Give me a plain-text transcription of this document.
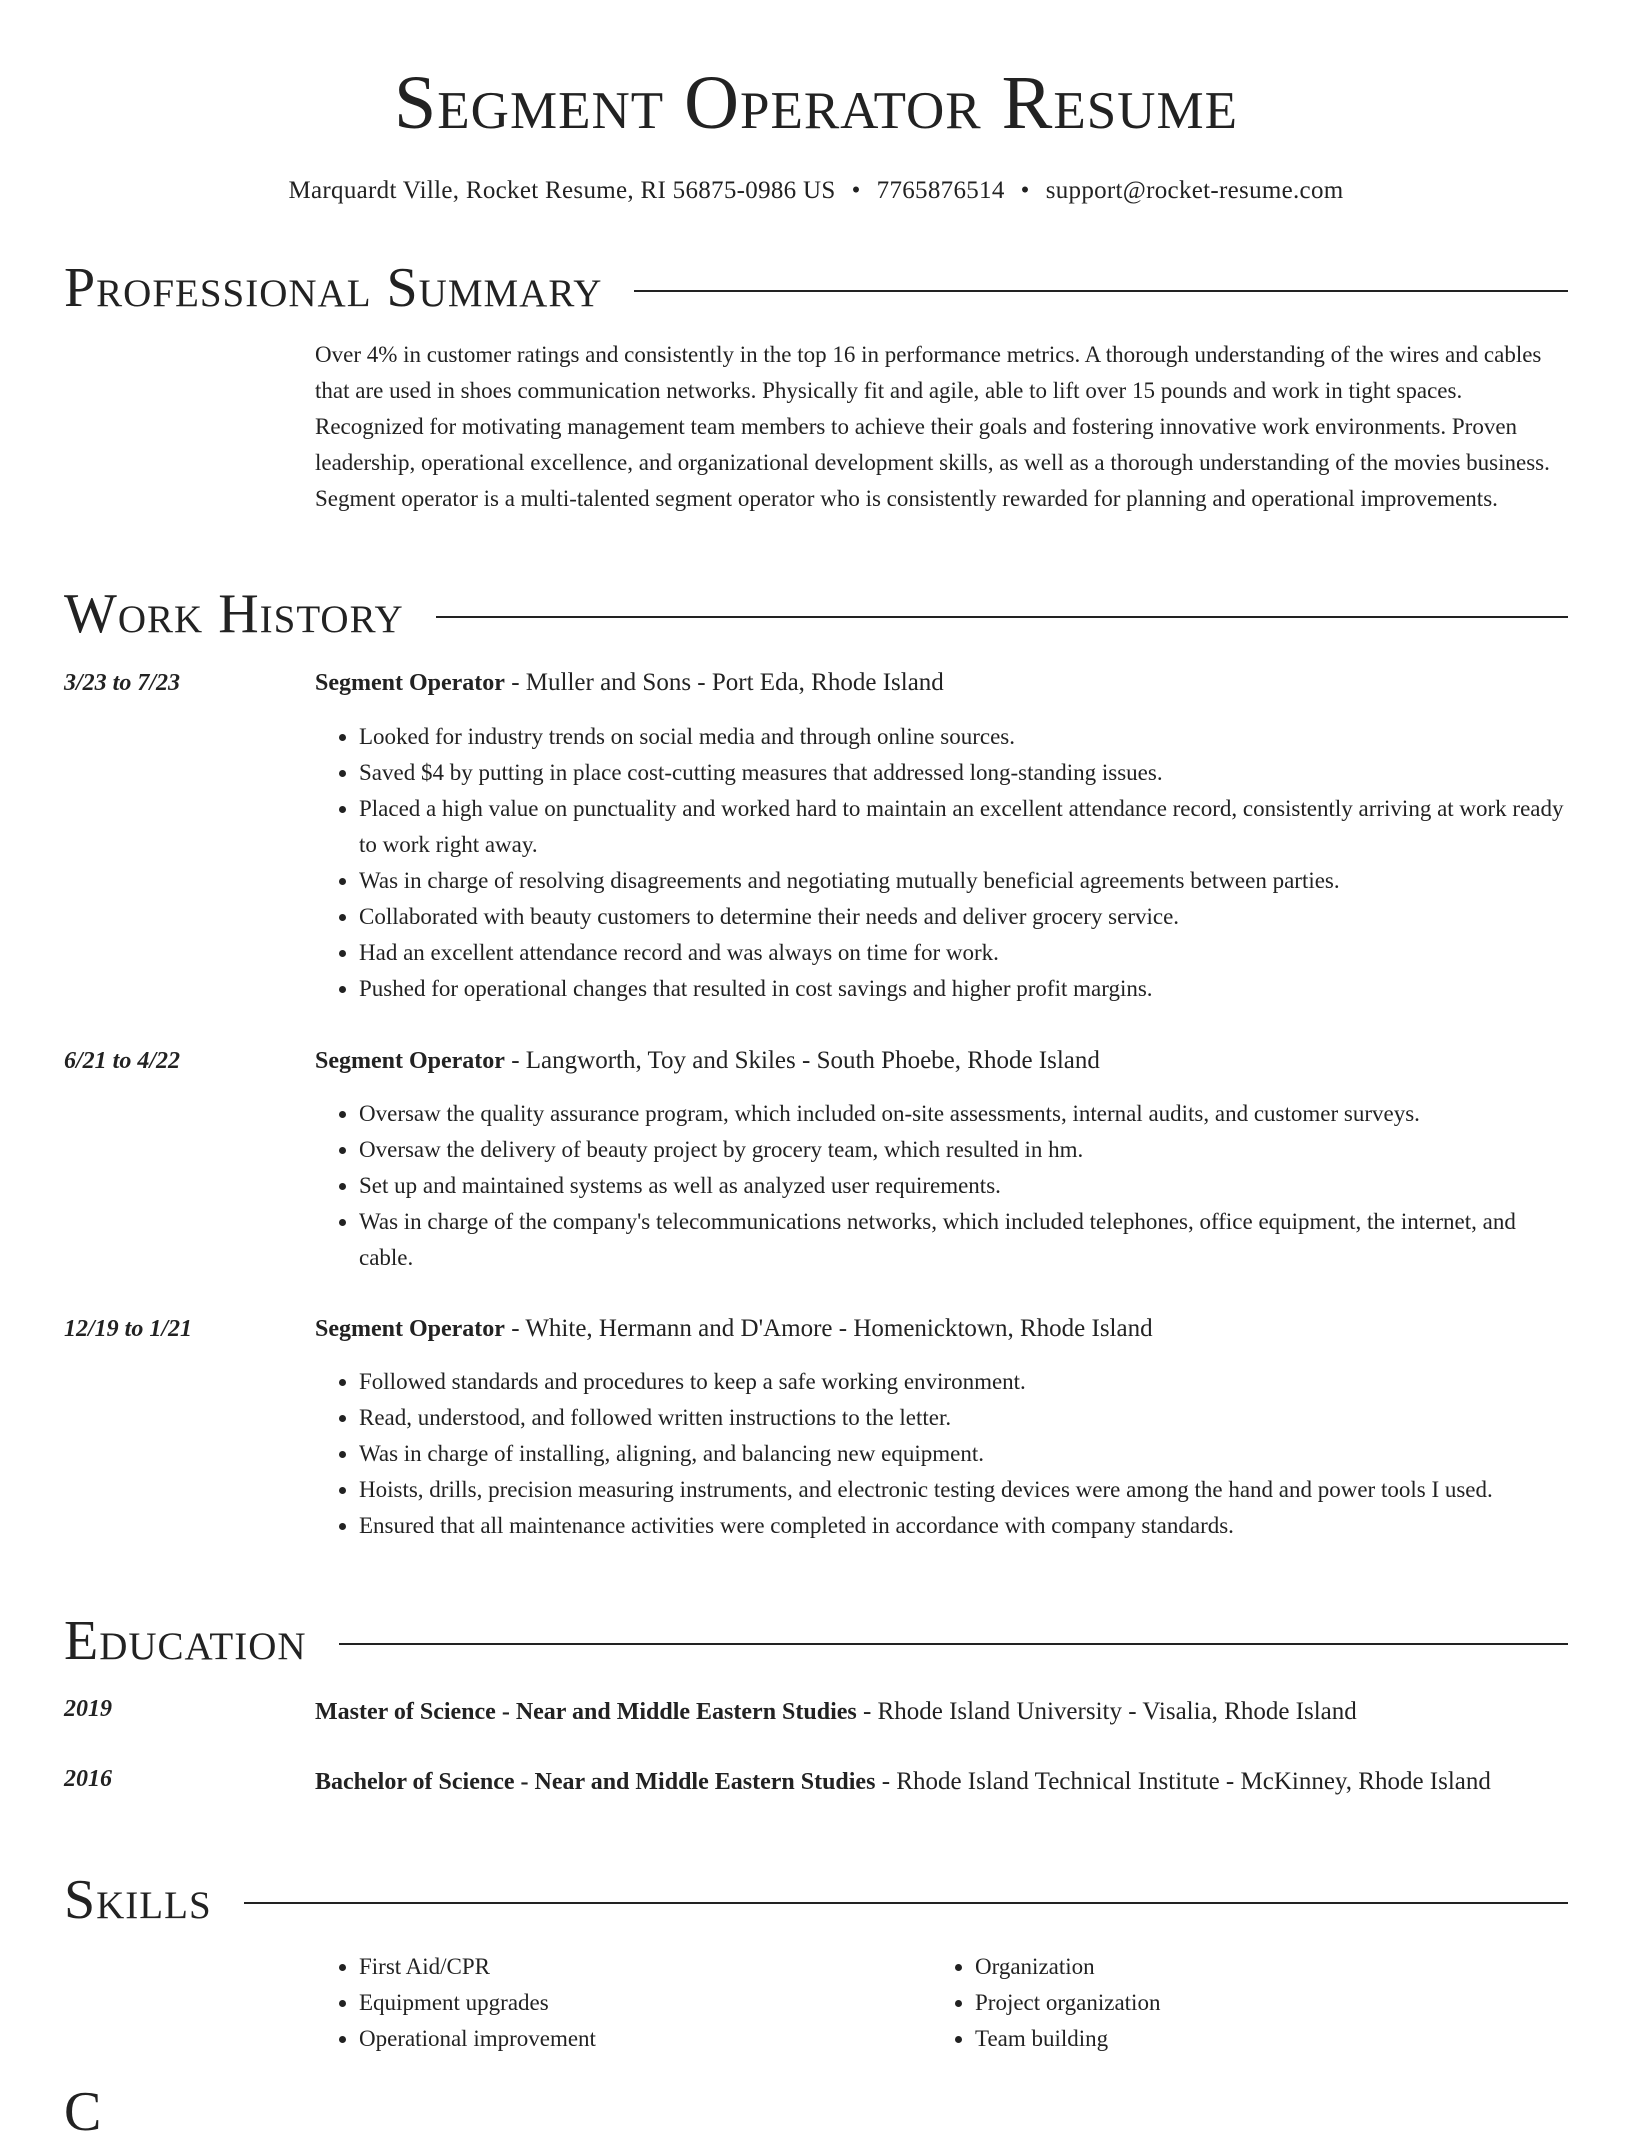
Segment Operator Resume
Marquardt Ville, Rocket Resume, RI 56875-0986 US • 7765876514 • support@rocket-resume.com
Professional Summary

Over 4% in customer ratings and consistently in the top 16 in performance metrics. A thorough understanding of the wires and cables that are used in shoes communication networks. Physically fit and agile, able to lift over 15 pounds and work in tight spaces. Recognized for motivating management team members to achieve their goals and fostering innovative work environments. Proven leadership, operational excellence, and organizational development skills, as well as a thorough understanding of the movies business. Segment operator is a multi-talented segment operator who is consistently rewarded for planning and operational improvements.

Work History
3/23 to 7/23	Segment Operator - Muller and Sons - Port Eda, Rhode Island
• Looked for industry trends on social media and through online sources.
• Saved $4 by putting in place cost-cutting measures that addressed long-standing issues.
• Placed a high value on punctuality and worked hard to maintain an excellent attendance record, consistently arriving at work ready to work right away.
• Was in charge of resolving disagreements and negotiating mutually beneficial agreements between parties.
• Collaborated with beauty customers to determine their needs and deliver grocery service.
• Had an excellent attendance record and was always on time for work.
• Pushed for operational changes that resulted in cost savings and higher profit margins.
6/21 to 4/22	Segment Operator - Langworth, Toy and Skiles - South Phoebe, Rhode Island
• Oversaw the quality assurance program, which included on-site assessments, internal audits, and customer surveys.
• Oversaw the delivery of beauty project by grocery team, which resulted in hm.
• Set up and maintained systems as well as analyzed user requirements.
• Was in charge of the company's telecommunications networks, which included telephones, office equipment, the internet, and cable.
12/19 to 1/21	Segment Operator - White, Hermann and D'Amore - Homenicktown, Rhode Island
• Followed standards and procedures to keep a safe working environment.
• Read, understood, and followed written instructions to the letter.
• Was in charge of installing, aligning, and balancing new equipment.
• Hoists, drills, precision measuring instruments, and electronic testing devices were among the hand and power tools I used.
• Ensured that all maintenance activities were completed in accordance with company standards.
Education
2019	Master of Science - Near and Middle Eastern Studies - Rhode Island University - Visalia, Rhode Island
2016	Bachelor of Science - Near and Middle Eastern Studies - Rhode Island Technical Institute - McKinney, Rhode Island
Skills
• First Aid/CPR
• Equipment upgrades
• Operational improvement
• Organization
• Project organization
• Team building
C
